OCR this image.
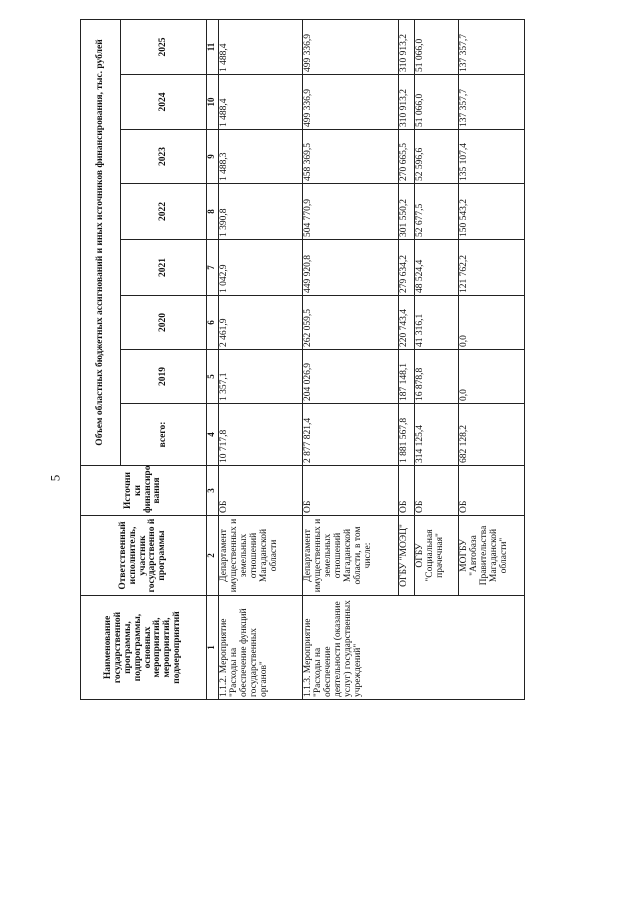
5
Наименование государственной программы, подпрограммы, основных мероприятий, мероприятий, подмероприятий	Ответственный исполнитель, участник государственно й программы	Источни ки финансиро вания	Объем областных бюджетных ассигнований и иных источников финансирования, тыс. рублей							
			всего:	2019	2020	2021	2022	2023	2024	2025
1	2	3	4	5	6	7	8	9	10	11
1.1.2. Мероприятие "Расходы на обеспечение функций государственных органов"	Департамент имущественных и земельных отношений Магаданской области	ОБ	10 717,8	1 357,1	2 461,9	1 042,9	1 390,8	1 488,3	1 488,4	1 488,4
1.1.3. Мероприятие "Расходы на обеспечение деятельности (оказание услуг) государственных учреждений"	Департамент имущественных и земельных отношений Магаданской области, в том числе:	ОБ	2 877 821,4	204 026,9	262 059,5	449 920,8	504 770,9	458 369,5	499 336,9	499 336,9
	ОГБУ "МОЭЦ"	ОБ	1 881 567,8	187 148,1	220 743,4	279 634,2	301 550,2	270 665,5	310 913,2	310 913,2
	ОГБУ "Социальная прачечная"	ОБ	314 125,4	16 878,8	41 316,1	48 524,4	52 677,5	52 596,6	51 066,0	51 066,0
	МОГБУ "Автобаза Правительства Магаданской области"	ОБ	682 128,2	0,0	0,0	121 762,2	150 543,2	135 107,4	137 357,7	137 357,7
